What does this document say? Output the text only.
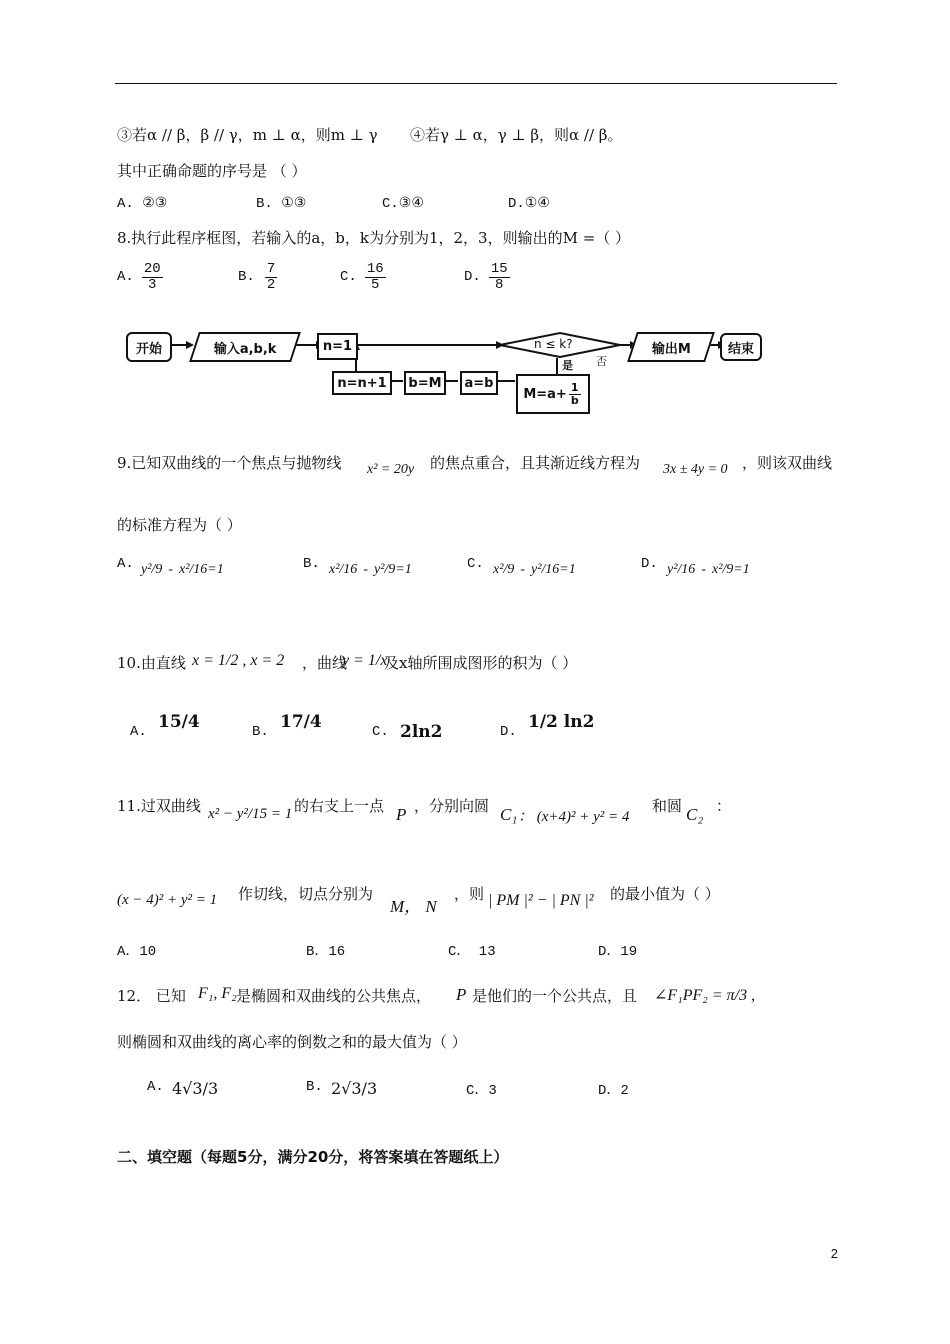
③若α // β，β // γ，m ⊥ α，则m ⊥ γ ④若γ ⊥ α，γ ⊥ β，则α // β。
其中正确命题的序号是 （ ）
A. ②③	B. ①③	C.③④	D.①④
8.执行此程序框图，若输入的a，b，k为分别为1，2，3，则输出的M =（ ）
A. $\frac{20}{3}$	B. $\frac{7}{2}$	C. $\frac{16}{5}$	D. $\frac{15}{8}$
开始	输入a,b,k	n=1	n ≤ k?
是 否
输出M	结束
$M=a+ \frac{1}{b}$
a=b
b=M
n=n+1
9.已知双曲线的一个焦点与抛物线 x² = 20y 的焦点重合，且其渐近线方程为 3x ± 4y = 0 ，则该双曲线
的标准方程为（ ）
A. y²/9 - x²/16 =1	B. x²/16 - y²/9 =1	C. x²/9 - y²/16 =1	D. y²/16 - x²/9 =1
10.由直线 x = 1/2 , x = 2 ，曲线
y = 1/x
及x轴所围成图形的积为（ ）
A. 15/4	B. 17/4	C. 2ln2	D. 1/2 ln2
11.过双曲线 x² − y²/15 = 1 的右支上一点 P ，分别向圆 C₁ ： (x+4)² + y² = 4
和圆 C₂ ：
(x − 4)² + y² = 1 作切线，切点分别为
M， N
，则 | PM |² − | PN |² 的最小值为（ ）
A．10	B．16	C． 13	D．19
12． 已知 F₁, F₂ 是椭圆和双曲线的公共焦点， P 是他们的一个公共点，且 ∠F₁PF₂ = π/3 ,
则椭圆和双曲线的离心率的倒数之和的最大值为（ ）
A. 4√3/3	B. 2√3/3	C．3	D．2
二、填空题（每题5分，满分20分，将答案填在答题纸上）
2
